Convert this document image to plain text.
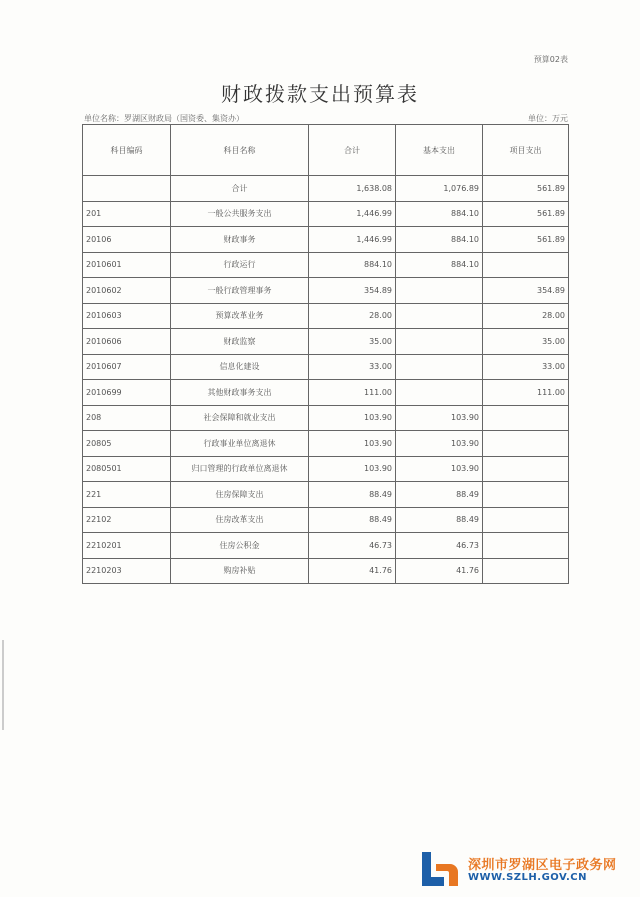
预算02表
财政拨款支出预算表
单位名称：罗湖区财政局（国资委、集资办）	单位：万元
科目编码	科目名称	合计	基本支出	项目支出
	合计	1,638.08	1,076.89	561.89
201	一般公共服务支出	1,446.99	884.10	561.89
20106	财政事务	1,446.99	884.10	561.89
2010601	行政运行	884.10	884.10	
2010602	一般行政管理事务	354.89		354.89
2010603	预算改革业务	28.00		28.00
2010606	财政监察	35.00		35.00
2010607	信息化建设	33.00		33.00
2010699	其他财政事务支出	111.00		111.00
208	社会保障和就业支出	103.90	103.90	
20805	行政事业单位离退休	103.90	103.90	
2080501	归口管理的行政单位离退休	103.90	103.90	
221	住房保障支出	88.49	88.49	
22102	住房改革支出	88.49	88.49	
2210201	住房公积金	46.73	46.73	
2210203	购房补贴	41.76	41.76	
深圳市罗湖区电子政务网
WWW.SZLH.GOV.CN
